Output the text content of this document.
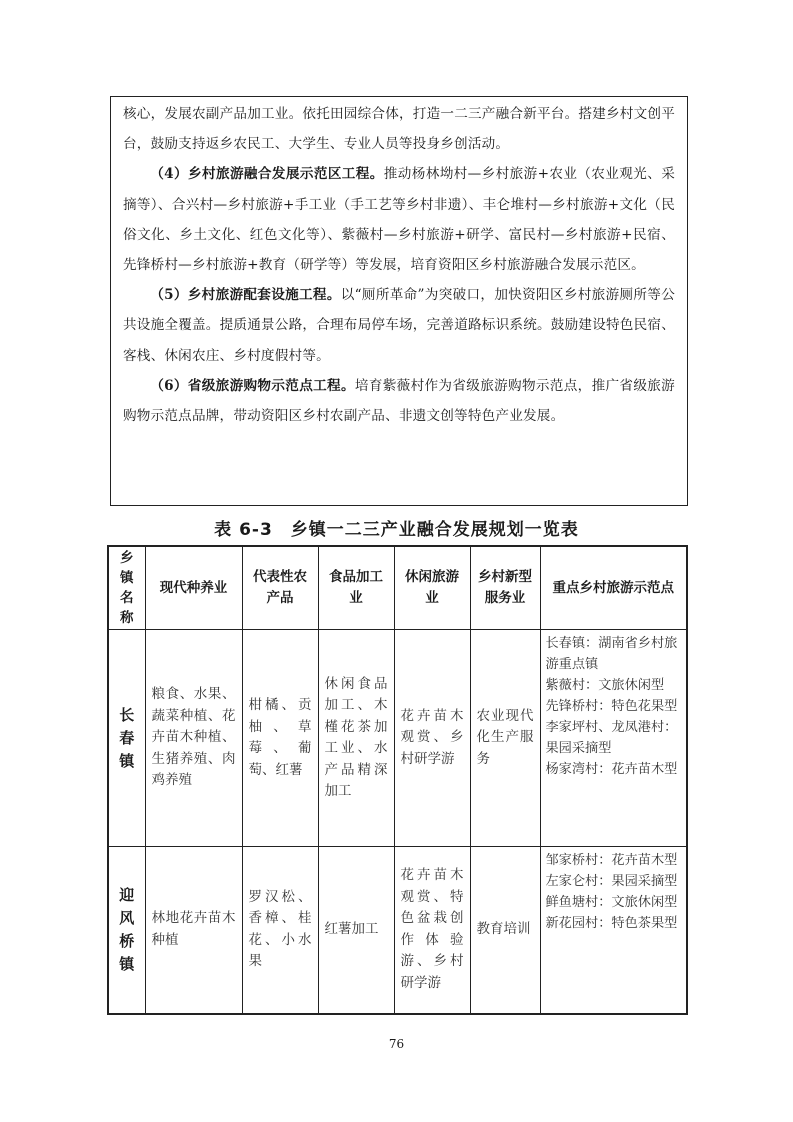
核心，发展农副产品加工业。依托田园综合体，打造一二三产融合新平台。搭建乡村文创平台，鼓励支持返乡农民工、大学生、专业人员等投身乡创活动。

（4）乡村旅游融合发展示范区工程。推动杨林坳村—乡村旅游+农业（农业观光、采摘等）、合兴村—乡村旅游+手工业（手工艺等乡村非遗）、丰仑堆村—乡村旅游+文化（民俗文化、乡土文化、红色文化等）、紫薇村—乡村旅游+研学、富民村—乡村旅游+民宿、先锋桥村—乡村旅游+教育（研学等）等发展，培育资阳区乡村旅游融合发展示范区。

（5）乡村旅游配套设施工程。以“厕所革命”为突破口，加快资阳区乡村旅游厕所等公共设施全覆盖。提质通景公路，合理布局停车场，完善道路标识系统。鼓励建设特色民宿、客栈、休闲农庄、乡村度假村等。

（6）省级旅游购物示范点工程。培育紫薇村作为省级旅游购物示范点，推广省级旅游购物示范点品牌，带动资阳区乡村农副产品、非遗文创等特色产业发展。

表 6-3　乡镇一二三产业融合发展规划一览表
乡镇名称	现代种养业	代表性农产品	食品加工业	休闲旅游业	乡村新型服务业	重点乡村旅游示范点

长春镇	粮食、水果、蔬菜种植、花卉苗木种植、生猪养殖、肉鸡养殖	柑橘、贡柚、草莓、葡萄、红薯	休闲食品加工、木槿花茶加工业、水产品精深加工	花卉苗木观赏、乡村研学游	农业现代化生产服务	长春镇：湖南省乡村旅游重点镇
紫薇村：文旅休闲型
先锋桥村：特色花果型
李家坪村、龙凤港村：果园采摘型
杨家湾村：花卉苗木型

迎风桥镇	林地花卉苗木种植	罗汉松、香樟、桂花、小水果	红薯加工	花卉苗木观赏、特色盆栽创作体验游、乡村研学游	教育培训	邹家桥村：花卉苗木型
左家仑村：果园采摘型
鲜鱼塘村：文旅休闲型
新花园村：特色茶果型
76
